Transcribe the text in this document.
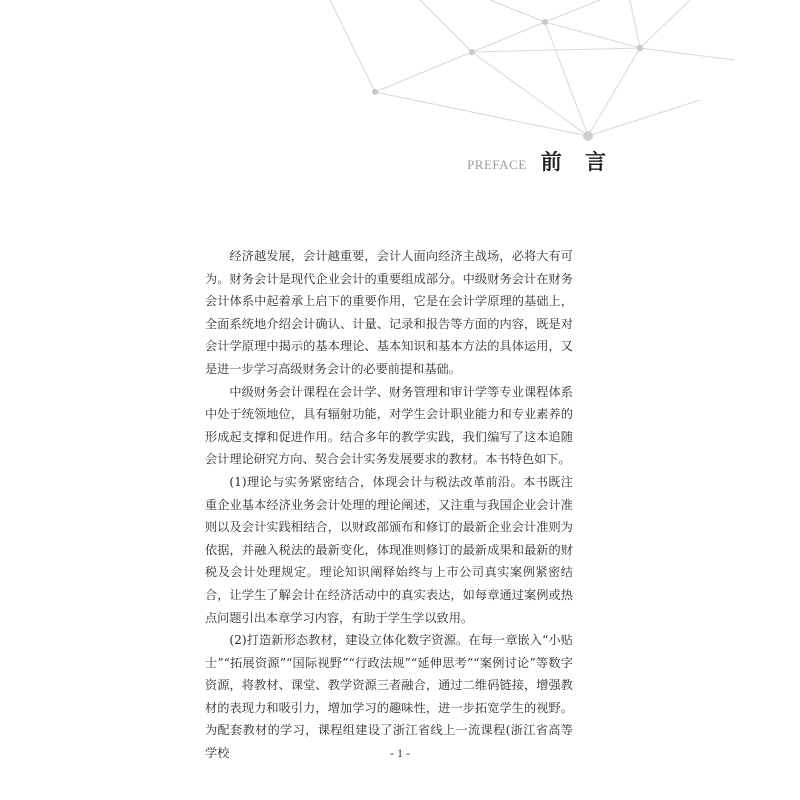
PREFACE 前 言

经济越发展，会计越重要，会计人面向经济主战场，必将大有可为。财务会计是现代企业会计的重要组成部分。中级财务会计在财务会计体系中起着承上启下的重要作用，它是在会计学原理的基础上，全面系统地介绍会计确认、计量、记录和报告等方面的内容，既是对会计学原理中揭示的基本理论、基本知识和基本方法的具体运用，又是进一步学习高级财务会计的必要前提和基础。

中级财务会计课程在会计学、财务管理和审计学等专业课程体系中处于统领地位，具有辐射功能，对学生会计职业能力和专业素养的形成起支撑和促进作用。结合多年的教学实践，我们编写了这本追随会计理论研究方向、契合会计实务发展要求的教材。本书特色如下。

(1)理论与实务紧密结合，体现会计与税法改革前沿。本书既注重企业基本经济业务会计处理的理论阐述，又注重与我国企业会计准则以及会计实践相结合，以财政部颁布和修订的最新企业会计准则为依据，并融入税法的最新变化，体现准则修订的最新成果和最新的财税及会计处理规定。理论知识阐释始终与上市公司真实案例紧密结合，让学生了解会计在经济活动中的真实表达，如每章通过案例或热点问题引出本章学习内容，有助于学生学以致用。

(2)打造新形态教材，建设立体化数字资源。在每一章嵌入“小贴士”“拓展资源”“国际视野”“行政法规”“延伸思考”“案例讨论”等数字资源，将教材、课堂、教学资源三者融合，通过二维码链接，增强教材的表现力和吸引力，增加学习的趣味性，进一步拓宽学生的视野。为配套教材的学习，课程组建设了浙江省线上一流课程(浙江省高等学校	- 1 -
